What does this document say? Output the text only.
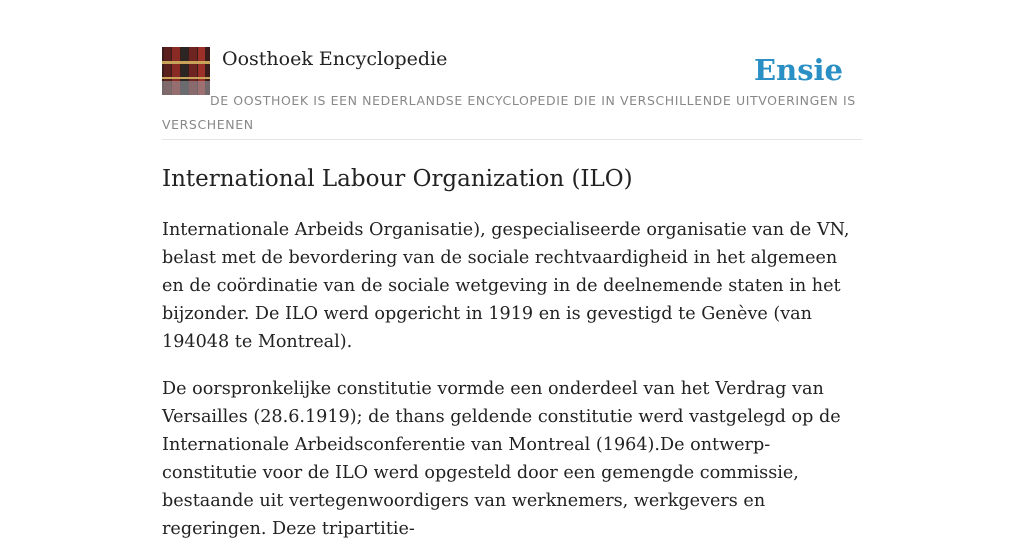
Oosthoek Encyclopedie	Ensie

DE OOSTHOEK IS EEN NEDERLANDSE ENCYCLOPEDIE DIE IN VERSCHILLENDE UITVOERINGEN IS VERSCHENEN

International Labour Organization (ILO)

Internationale Arbeids Organisatie), gespecialiseerde organisatie van de VN, belast met de bevordering van de sociale rechtvaardigheid in het algemeen en de coördinatie van de sociale wetgeving in de deelnemende staten in het bijzonder. De ILO werd opgericht in 1919 en is gevestigd te Genève (van 194048 te Montreal).

De oorspronkelijke constitutie vormde een onderdeel van het Verdrag van Versailles (28.6.1919); de thans geldende constitutie werd vastgelegd op de Internationale Arbeidsconferentie van Montreal (1964).De ontwerp-constitutie voor de ILO werd opgesteld door een gemengde commissie, bestaande uit vertegenwoordigers van werknemers, werkgevers en regeringen. Deze tripartitie-
